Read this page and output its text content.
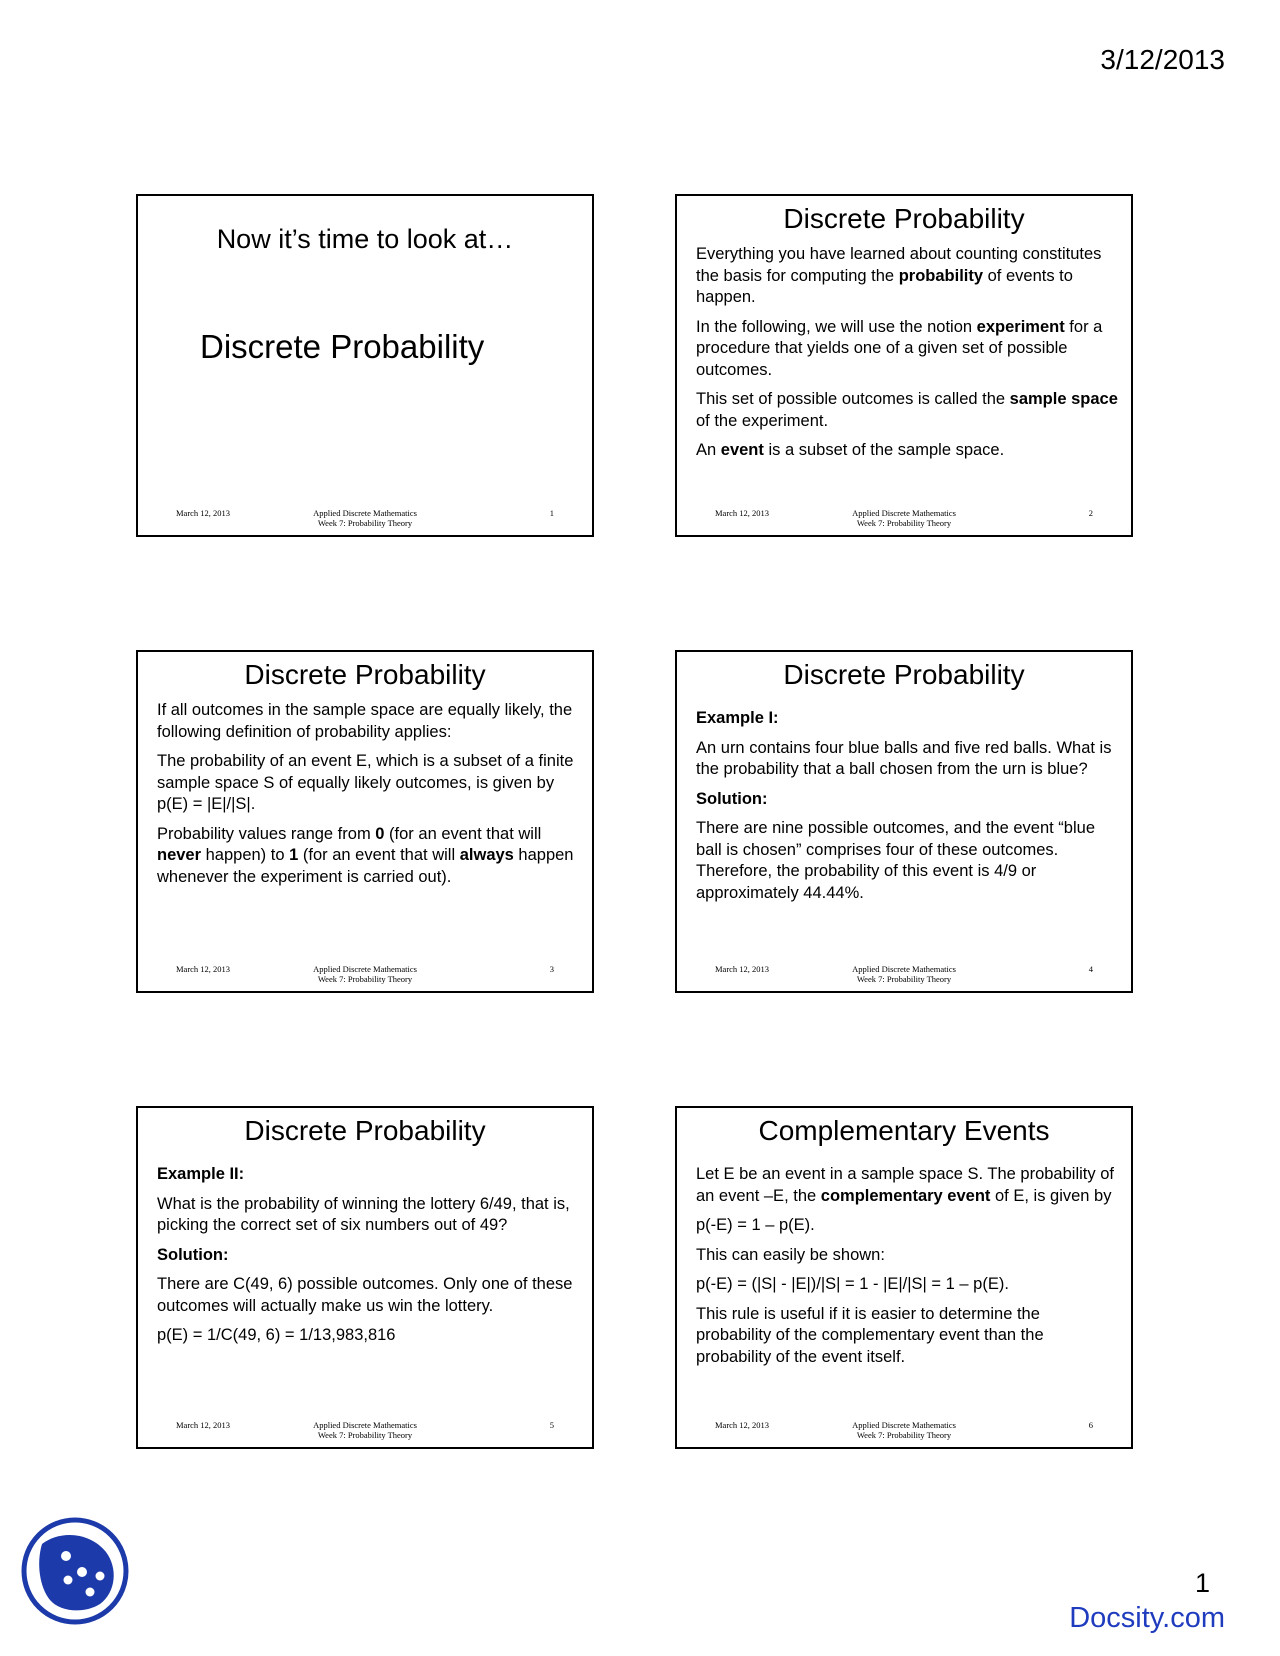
3/12/2013
Now it’s time to look at…
Discrete Probability
March 12, 2013	Applied Discrete Mathematics
Week 7: Probability Theory
1
Discrete Probability

Everything you have learned about counting constitutes the basis for computing the probability of events to happen.

In the following, we will use the notion experiment for a procedure that yields one of a given set of possible outcomes.

This set of possible outcomes is called the sample space of the experiment.

An event is a subset of the sample space.

March 12, 2013	Applied Discrete Mathematics
Week 7: Probability Theory
2
Discrete Probability

If all outcomes in the sample space are equally likely, the following definition of probability applies:

The probability of an event E, which is a subset of a finite sample space S of equally likely outcomes, is given by p(E) = |E|/|S|.

Probability values range from 0 (for an event that will never happen) to 1 (for an event that will always happen whenever the experiment is carried out).

March 12, 2013	Applied Discrete Mathematics
Week 7: Probability Theory
3
Discrete Probability

Example I:

An urn contains four blue balls and five red balls. What is the probability that a ball chosen from the urn is blue?

Solution:

There are nine possible outcomes, and the event “blue ball is chosen” comprises four of these outcomes. Therefore, the probability of this event is 4/9 or approximately 44.44%.

March 12, 2013	Applied Discrete Mathematics
Week 7: Probability Theory
4
Discrete Probability

Example II:

What is the probability of winning the lottery 6/49, that is, picking the correct set of six numbers out of 49?

Solution:

There are C(49, 6) possible outcomes. Only one of these outcomes will actually make us win the lottery.

p(E) = 1/C(49, 6) = 1/13,983,816

March 12, 2013	Applied Discrete Mathematics
Week 7: Probability Theory
5
Complementary Events

Let E be an event in a sample space S. The probability of an event –E, the complementary event of E, is given by

p(-E) = 1 – p(E).

This can easily be shown:

p(-E) = (|S| - |E|)/|S| = 1 - |E|/|S| = 1 – p(E).

This rule is useful if it is easier to determine the probability of the complementary event than the probability of the event itself.

March 12, 2013	Applied Discrete Mathematics
Week 7: Probability Theory
6
1
Docsity.com
